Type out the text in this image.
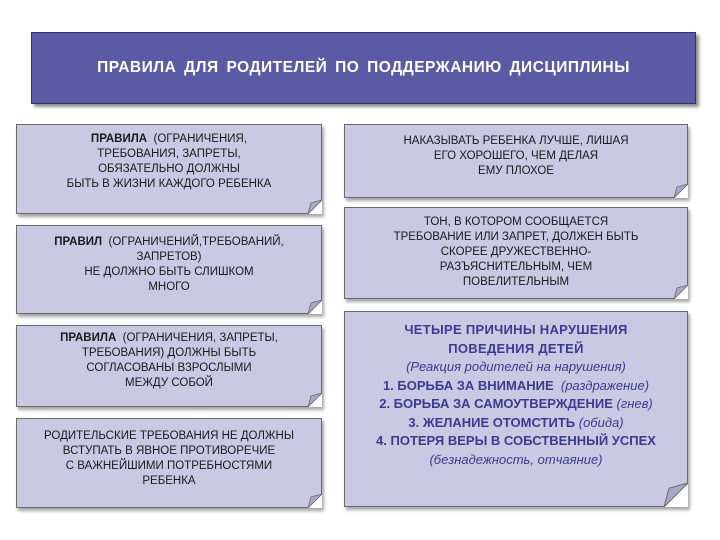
ПРАВИЛА ДЛЯ РОДИТЕЛЕЙ ПО ПОДДЕРЖАНИЮ ДИСЦИПЛИНЫ
ПРАВИЛА (ОГРАНИЧЕНИЯ,
ТРЕБОВАНИЯ, ЗАПРЕТЫ,
ОБЯЗАТЕЛЬНО ДОЛЖНЫ
БЫТЬ В ЖИЗНИ КАЖДОГО РЕБЕНКА
ПРАВИЛ (ОГРАНИЧЕНИЙ,ТРЕБОВАНИЙ,
ЗАПРЕТОВ)
НЕ ДОЛЖНО БЫТЬ СЛИШКОМ
МНОГО
ПРАВИЛА (ОГРАНИЧЕНИЯ, ЗАПРЕТЫ,
ТРЕБОВАНИЯ) ДОЛЖНЫ БЫТЬ
СОГЛАСОВАНЫ ВЗРОСЛЫМИ
МЕЖДУ СОБОЙ
РОДИТЕЛЬСКИЕ ТРЕБОВАНИЯ НЕ ДОЛЖНЫ
ВСТУПАТЬ В ЯВНОЕ ПРОТИВОРЕЧИЕ
С ВАЖНЕЙШИМИ ПОТРЕБНОСТЯМИ
РЕБЕНКА
НАКАЗЫВАТЬ РЕБЕНКА ЛУЧШЕ, ЛИШАЯ
ЕГО ХОРОШЕГО, ЧЕМ ДЕЛАЯ
ЕМУ ПЛОХОЕ
ТОН, В КОТОРОМ СООБЩАЕТСЯ
ТРЕБОВАНИЕ ИЛИ ЗАПРЕТ, ДОЛЖЕН БЫТЬ
СКОРЕЕ ДРУЖЕСТВЕННО-
РАЗЪЯСНИТЕЛЬНЫМ, ЧЕМ
ПОВЕЛИТЕЛЬНЫМ
ЧЕТЫРЕ ПРИЧИНЫ НАРУШЕНИЯ
ПОВЕДЕНИЯ ДЕТЕЙ
(Реакция родителей на нарушения)
1. БОРЬБА ЗА ВНИМАНИЕ (раздражение)
2. БОРЬБА ЗА САМОУТВЕРЖДЕНИЕ (гнев)
3. ЖЕЛАНИЕ ОТОМСТИТЬ (обида)
4. ПОТЕРЯ ВЕРЫ В СОБСТВЕННЫЙ УСПЕХ
(безнадежность, отчаяние)
